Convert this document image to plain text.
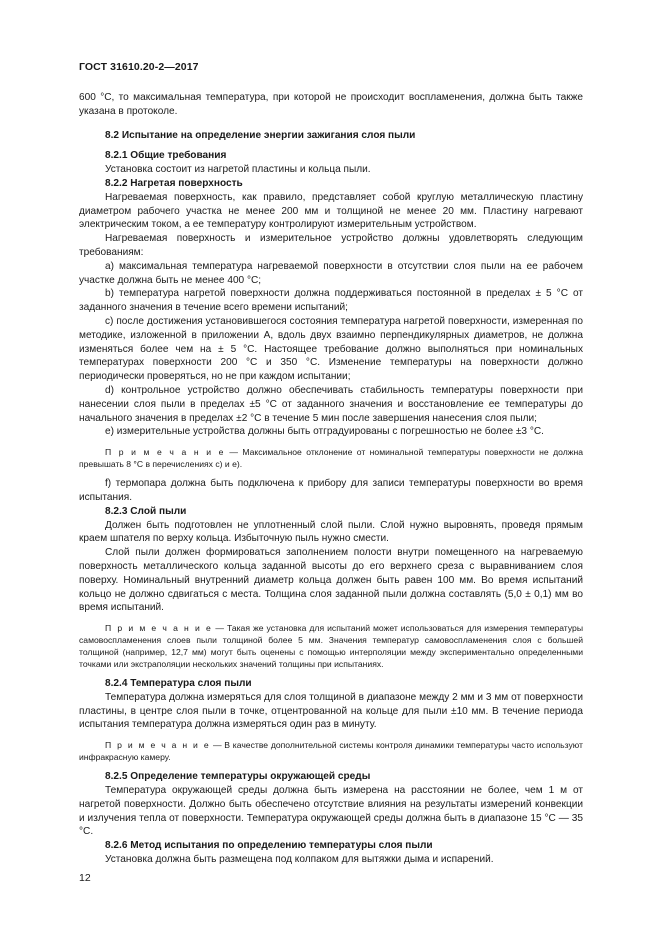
ГОСТ 31610.20-2—2017

600 °С, то максимальная температура, при которой не происходит воспламенения, должна быть также указана в протоколе.

8.2 Испытание на определение энергии зажигания слоя пыли

8.2.1 Общие требования

Установка состоит из нагретой пластины и кольца пыли.

8.2.2 Нагретая поверхность

Нагреваемая поверхность, как правило, представляет собой круглую металлическую пластину диаметром рабочего участка не менее 200 мм и толщиной не менее 20 мм. Пластину нагревают электрическим током, а ее температуру контролируют измерительным устройством.

Нагреваемая поверхность и измерительное устройство должны удовлетворять следующим требованиям:

a) максимальная температура нагреваемой поверхности в отсутствии слоя пыли на ее рабочем участке должна быть не менее 400 °С;

b) температура нагретой поверхности должна поддерживаться постоянной в пределах ± 5 °С от заданного значения в течение всего времени испытаний;

c) после достижения установившегося состояния температура нагретой поверхности, измеренная по методике, изложенной в приложении А, вдоль двух взаимно перпендикулярных диаметров, не должна изменяться более чем на ± 5 °С. Настоящее требование должно выполняться при номинальных температурах поверхности 200 °С и 350 °С. Изменение температуры на поверхности должно периодически проверяться, но не при каждом испытании;

d) контрольное устройство должно обеспечивать стабильность температуры поверхности при нанесении слоя пыли в пределах ±5 °С от заданного значения и восстановление ее температуры до начального значения в пределах ±2 °С в течение 5 мин после завершения нанесения слоя пыли;

e) измерительные устройства должны быть отградуированы с погрешностью не более ±3 °С.

П р и м е ч а н и е — Максимальное отклонение от номинальной температуры поверхности не должна превышать 8 °С в перечислениях c) и e).

f) термопара должна быть подключена к прибору для записи температуры поверхности во время испытания.

8.2.3 Слой пыли

Должен быть подготовлен не уплотненный слой пыли. Слой нужно выровнять, проведя прямым краем шпателя по верху кольца. Избыточную пыль нужно смести.

Слой пыли должен формироваться заполнением полости внутри помещенного на нагреваемую поверхность металлического кольца заданной высоты до его верхнего среза с выравниванием слоя поверху. Номинальный внутренний диаметр кольца должен быть равен 100 мм. Во время испытаний кольцо не должно сдвигаться с места. Толщина слоя заданной пыли должна составлять (5,0 ± 0,1) мм во время испытаний.

П р и м е ч а н и е — Такая же установка для испытаний может использоваться для измерения температуры самовоспламенения слоев пыли толщиной более 5 мм. Значения температур самовоспламенения слоя с большей толщиной (например, 12,7 мм) могут быть оценены с помощью интерполяции между экспериментально определенными точками или экстраполяции нескольких значений толщины при испытаниях.

8.2.4 Температура слоя пыли

Температура должна измеряться для слоя толщиной в диапазоне между 2 мм и 3 мм от поверхности пластины, в центре слоя пыли в точке, отцентрованной на кольце для пыли ±10 мм. В течение периода испытания температура должна измеряться один раз в минуту.

П р и м е ч а н и е — В качестве дополнительной системы контроля динамики температуры часто используют инфракрасную камеру.

8.2.5 Определение температуры окружающей среды

Температура окружающей среды должна быть измерена на расстоянии не более, чем 1 м от нагретой поверхности. Должно быть обеспечено отсутствие влияния на результаты измерений конвекции и излучения тепла от поверхности. Температура окружающей среды должна быть в диапазоне 15 °С — 35 °С.

8.2.6 Метод испытания по определению температуры слоя пыли

Установка должна быть размещена под колпаком для вытяжки дыма и испарений.

12
